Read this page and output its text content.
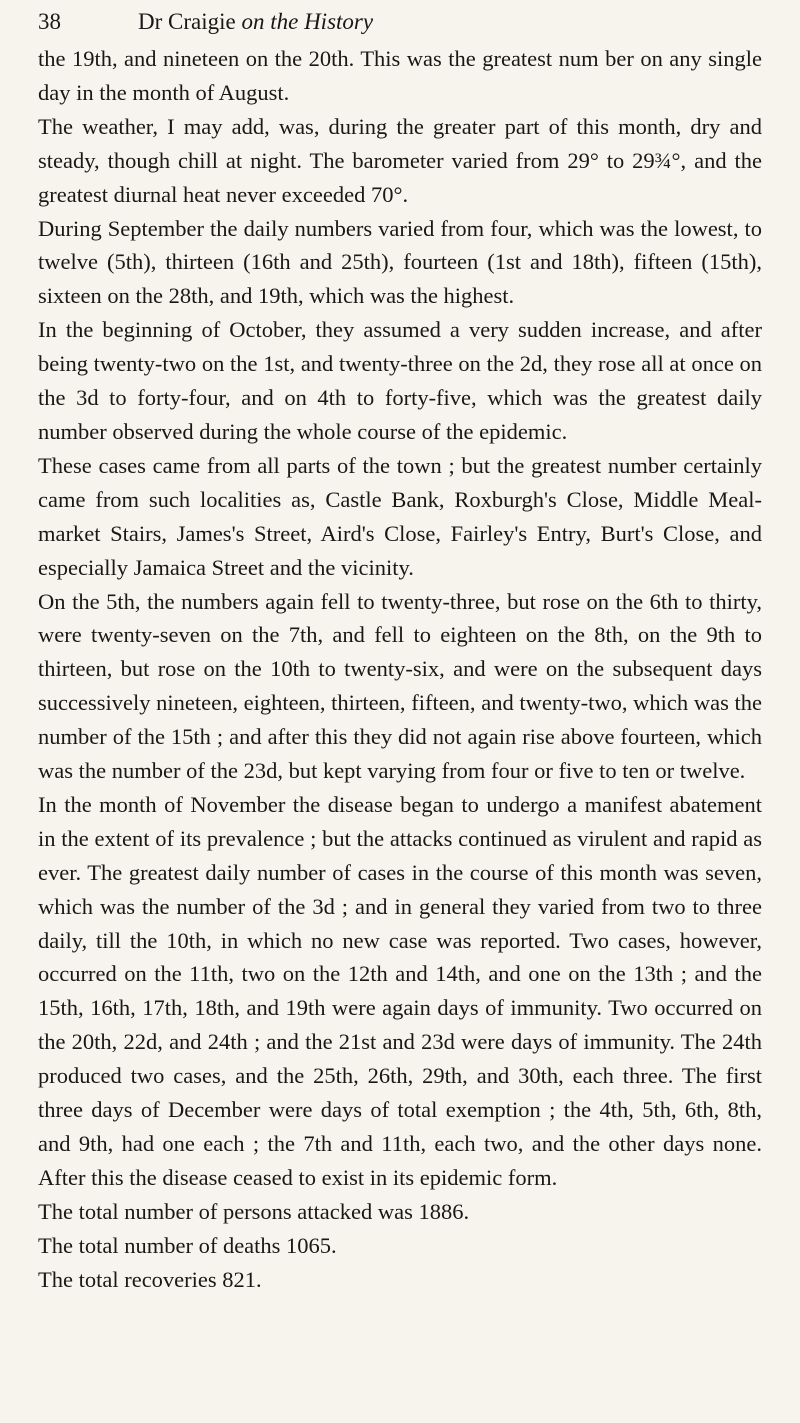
38	Dr Craigie on the History

the 19th, and nineteen on the 20th. This was the greatest num ber on any single day in the month of August.

The weather, I may add, was, during the greater part of this month, dry and steady, though chill at night. The barometer varied from 29° to 29¾°, and the greatest diurnal heat never exceeded 70°.

During September the daily numbers varied from four, which was the lowest, to twelve (5th), thirteen (16th and 25th), fourteen (1st and 18th), fifteen (15th), sixteen on the 28th, and 19th, which was the highest.

In the beginning of October, they assumed a very sudden increase, and after being twenty-two on the 1st, and twenty-three on the 2d, they rose all at once on the 3d to forty-four, and on 4th to forty-five, which was the greatest daily number observed during the whole course of the epidemic.

These cases came from all parts of the town ; but the greatest number certainly came from such localities as, Castle Bank, Roxburgh's Close, Middle Meal-market Stairs, James's Street, Aird's Close, Fairley's Entry, Burt's Close, and especially Jamaica Street and the vicinity.

On the 5th, the numbers again fell to twenty-three, but rose on the 6th to thirty, were twenty-seven on the 7th, and fell to eighteen on the 8th, on the 9th to thirteen, but rose on the 10th to twenty-six, and were on the subsequent days successively nineteen, eighteen, thirteen, fifteen, and twenty-two, which was the number of the 15th ; and after this they did not again rise above fourteen, which was the number of the 23d, but kept varying from four or five to ten or twelve.

In the month of November the disease began to undergo a manifest abatement in the extent of its prevalence ; but the attacks continued as virulent and rapid as ever. The greatest daily number of cases in the course of this month was seven, which was the number of the 3d ; and in general they varied from two to three daily, till the 10th, in which no new case was reported. Two cases, however, occurred on the 11th, two on the 12th and 14th, and one on the 13th ; and the 15th, 16th, 17th, 18th, and 19th were again days of immunity. Two occurred on the 20th, 22d, and 24th ; and the 21st and 23d were days of immunity. The 24th produced two cases, and the 25th, 26th, 29th, and 30th, each three. The first three days of December were days of total exemption ; the 4th, 5th, 6th, 8th, and 9th, had one each ; the 7th and 11th, each two, and the other days none. After this the disease ceased to exist in its epidemic form.

The total number of persons attacked was 1886.

The total number of deaths 1065.

The total recoveries 821.
